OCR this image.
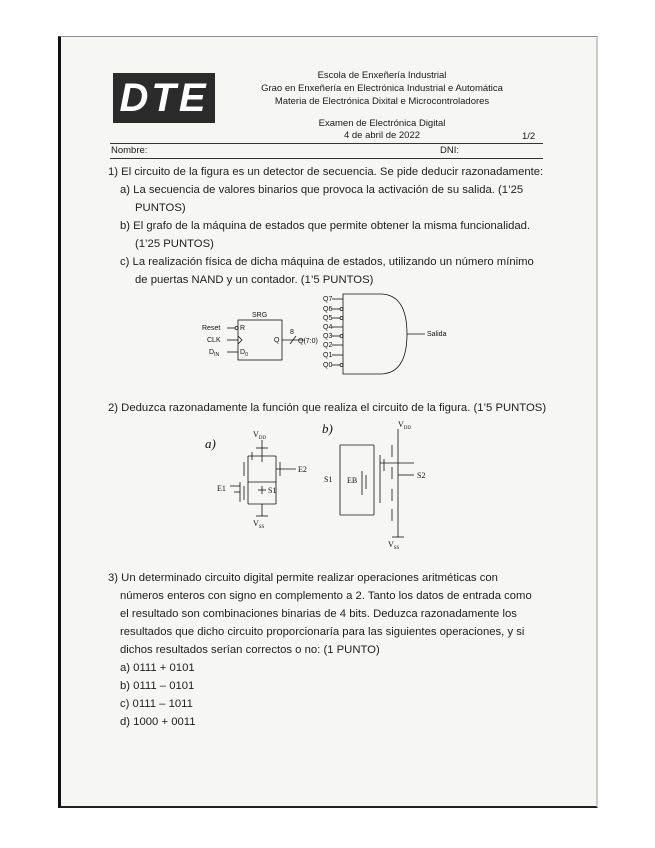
DTE
Escola de Enxeñería Industrial
Grao en Enxeñería en Electrónica Industrial e Automática
Materia de Electrónica Dixital e Microcontroladores
Examen de Electrónica Digital
4 de abril de 2022	1/2
Nombre:	DNI:

1) El circuito de la figura es un detector de secuencia. Se pide deducir razonadamente:

a) La secuencia de valores binarios que provoca la activación de su salida. (1’25

PUNTOS)

b) El grafo de la máquina de estados que permite obtener la misma funcionalidad.

(1’25 PUNTOS)

c) La realización física de dicha máquina de estados, utilizando un número mínimo

de puertas NAND y un contador. (1’5 PUNTOS)

SRG
Reset
CLK
$D_{IN}$
R
$D_0$
Q
8
Q(7:0)
Q7
Q6
Q5
Q4
Q3
Q2
Q1
Q0
Salida

2) Deduzca razonadamente la función que realiza el circuito de la figura. (1’5 PUNTOS)

$V_{DD}$
E1
E2
S1
$V_{SS}$
a)
$V_{DD}$
S1 EB
S2
$V_{SS}$
b)

3) Un determinado circuito digital permite realizar operaciones aritméticas con

números enteros con signo en complemento a 2. Tanto los datos de entrada como

el resultado son combinaciones binarias de 4 bits. Deduzca razonadamente los

resultados que dicho circuito proporcionaría para las siguientes operaciones, y si

dichos resultados serían correctos o no: (1 PUNTO)

a) 0111 + 0101

b) 0111 – 0101

c) 0111 – 1011

d) 1000 + 0011
